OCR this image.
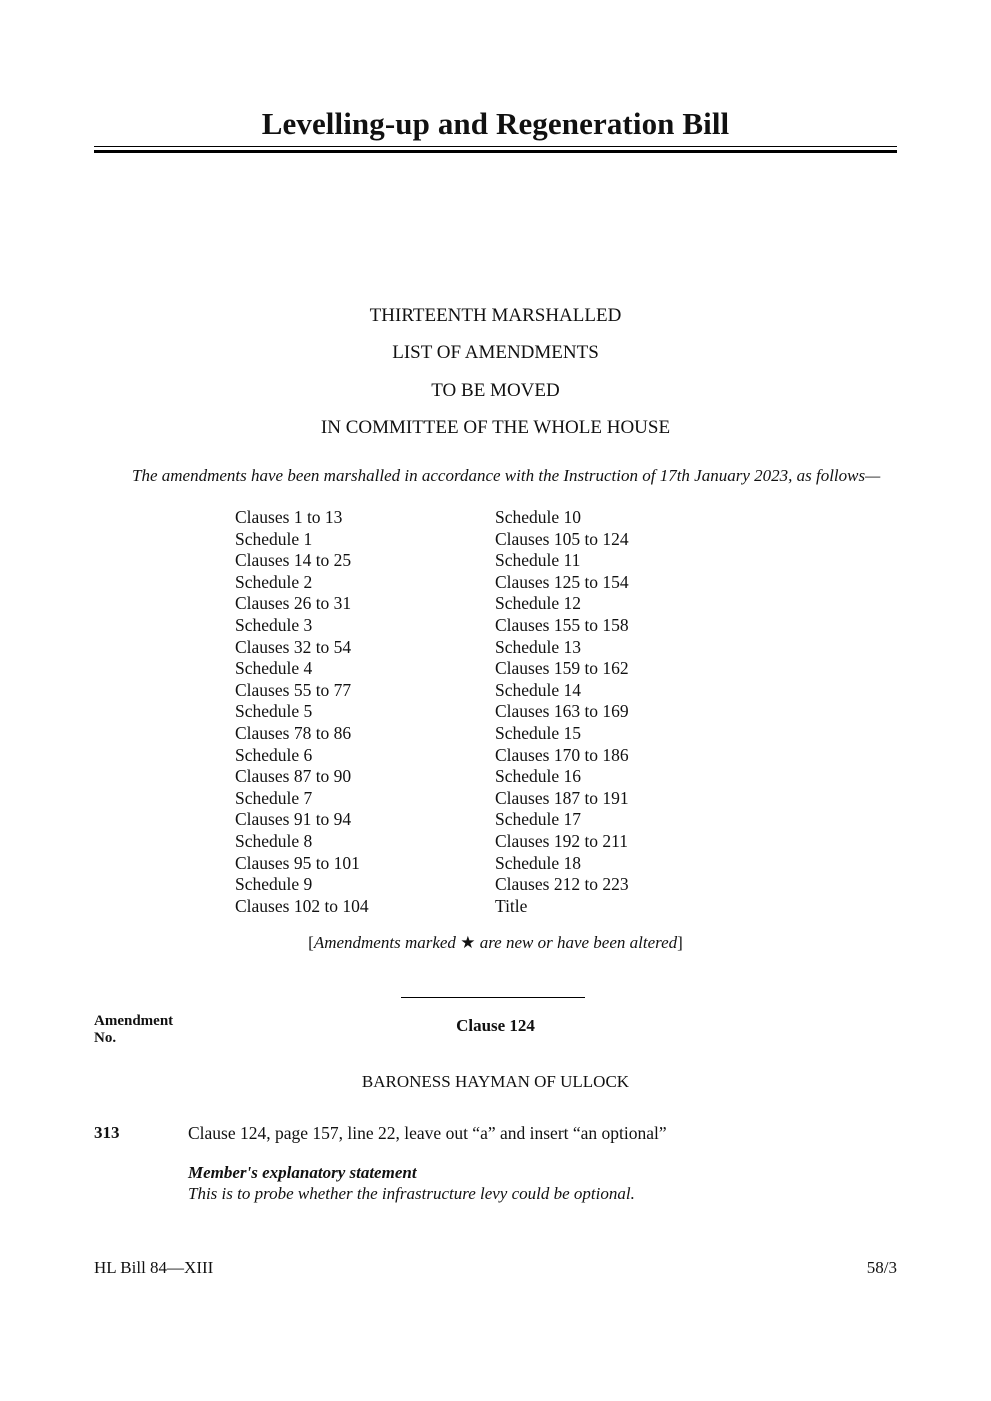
Levelling-up and Regeneration Bill
THIRTEENTH MARSHALLED
LIST OF AMENDMENTS
TO BE MOVED
IN COMMITTEE OF THE WHOLE HOUSE
The amendments have been marshalled in accordance with the Instruction of 17th January 2023, as follows—
Clauses 1 to 13
Schedule 1
Clauses 14 to 25
Schedule 2
Clauses 26 to 31
Schedule 3
Clauses 32 to 54
Schedule 4
Clauses 55 to 77
Schedule 5
Clauses 78 to 86
Schedule 6
Clauses 87 to 90
Schedule 7
Clauses 91 to 94
Schedule 8
Clauses 95 to 101
Schedule 9
Clauses 102 to 104
Schedule 10
Clauses 105 to 124
Schedule 11
Clauses 125 to 154
Schedule 12
Clauses 155 to 158
Schedule 13
Clauses 159 to 162
Schedule 14
Clauses 163 to 169
Schedule 15
Clauses 170 to 186
Schedule 16
Clauses 187 to 191
Schedule 17
Clauses 192 to 211
Schedule 18
Clauses 212 to 223
Title
[Amendments marked ★ are new or have been altered]
Amendment
No.
Clause 124
BARONESS HAYMAN OF ULLOCK
313	Clause 124, page 157, line 22, leave out “a” and insert “an optional”
Member's explanatory statement
This is to probe whether the infrastructure levy could be optional.
HL Bill 84—XIII	58/3
